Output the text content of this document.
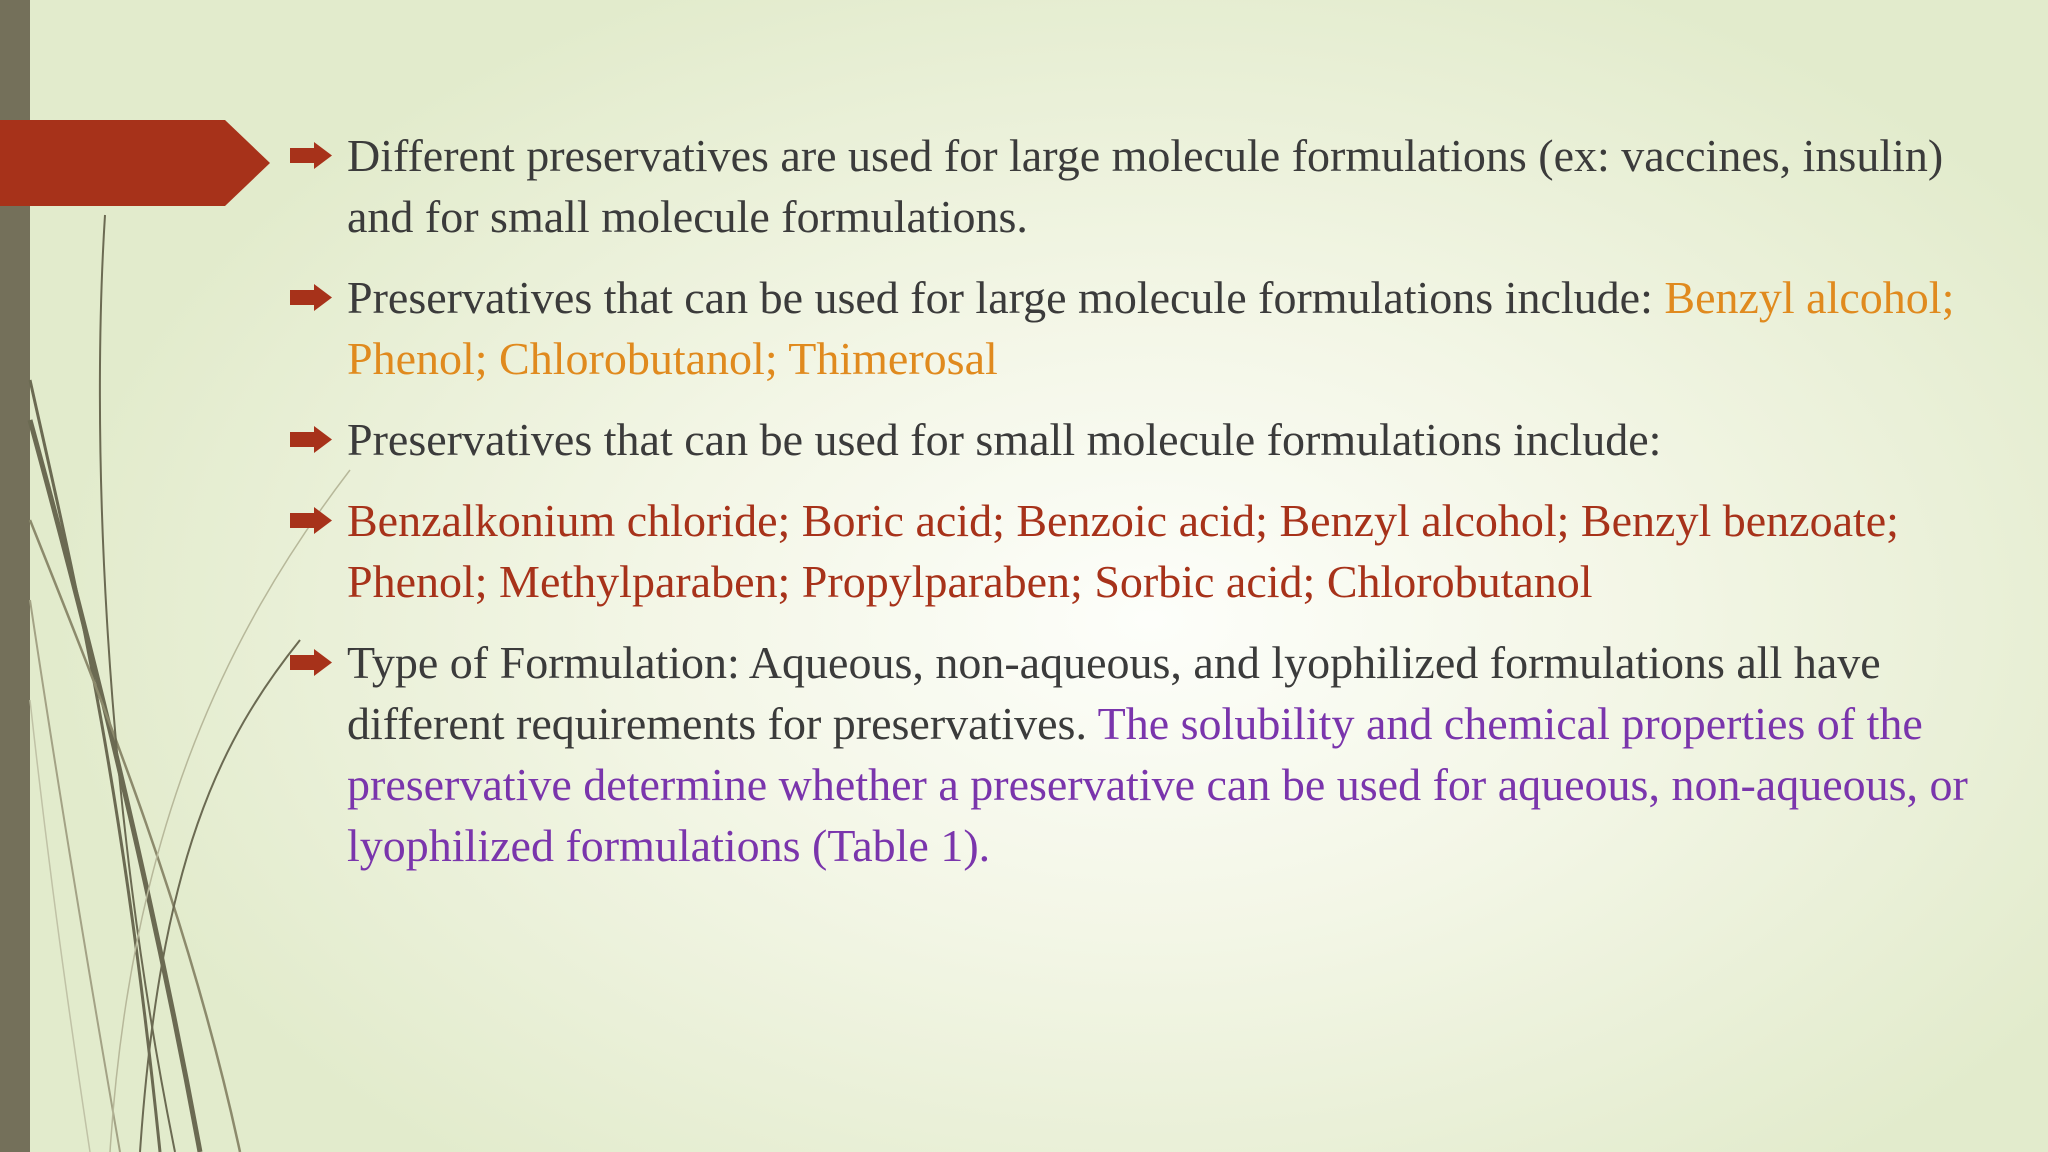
Different preservatives are used for large molecule formulations (ex: vaccines, insulin) and for small molecule formulations.
Preservatives that can be used for large molecule formulations include: Benzyl alcohol; Phenol; Chlorobutanol; Thimerosal
Preservatives that can be used for small molecule formulations include:
Benzalkonium chloride; Boric acid; Benzoic acid; Benzyl alcohol; Benzyl benzoate; Phenol; Methylparaben; Propylparaben; Sorbic acid; Chlorobutanol
Type of Formulation: Aqueous, non-aqueous, and lyophilized formulations all have different requirements for preservatives. The solubility and chemical properties of the preservative determine whether a preservative can be used for aqueous, non-aqueous, or lyophilized formulations (Table 1).
